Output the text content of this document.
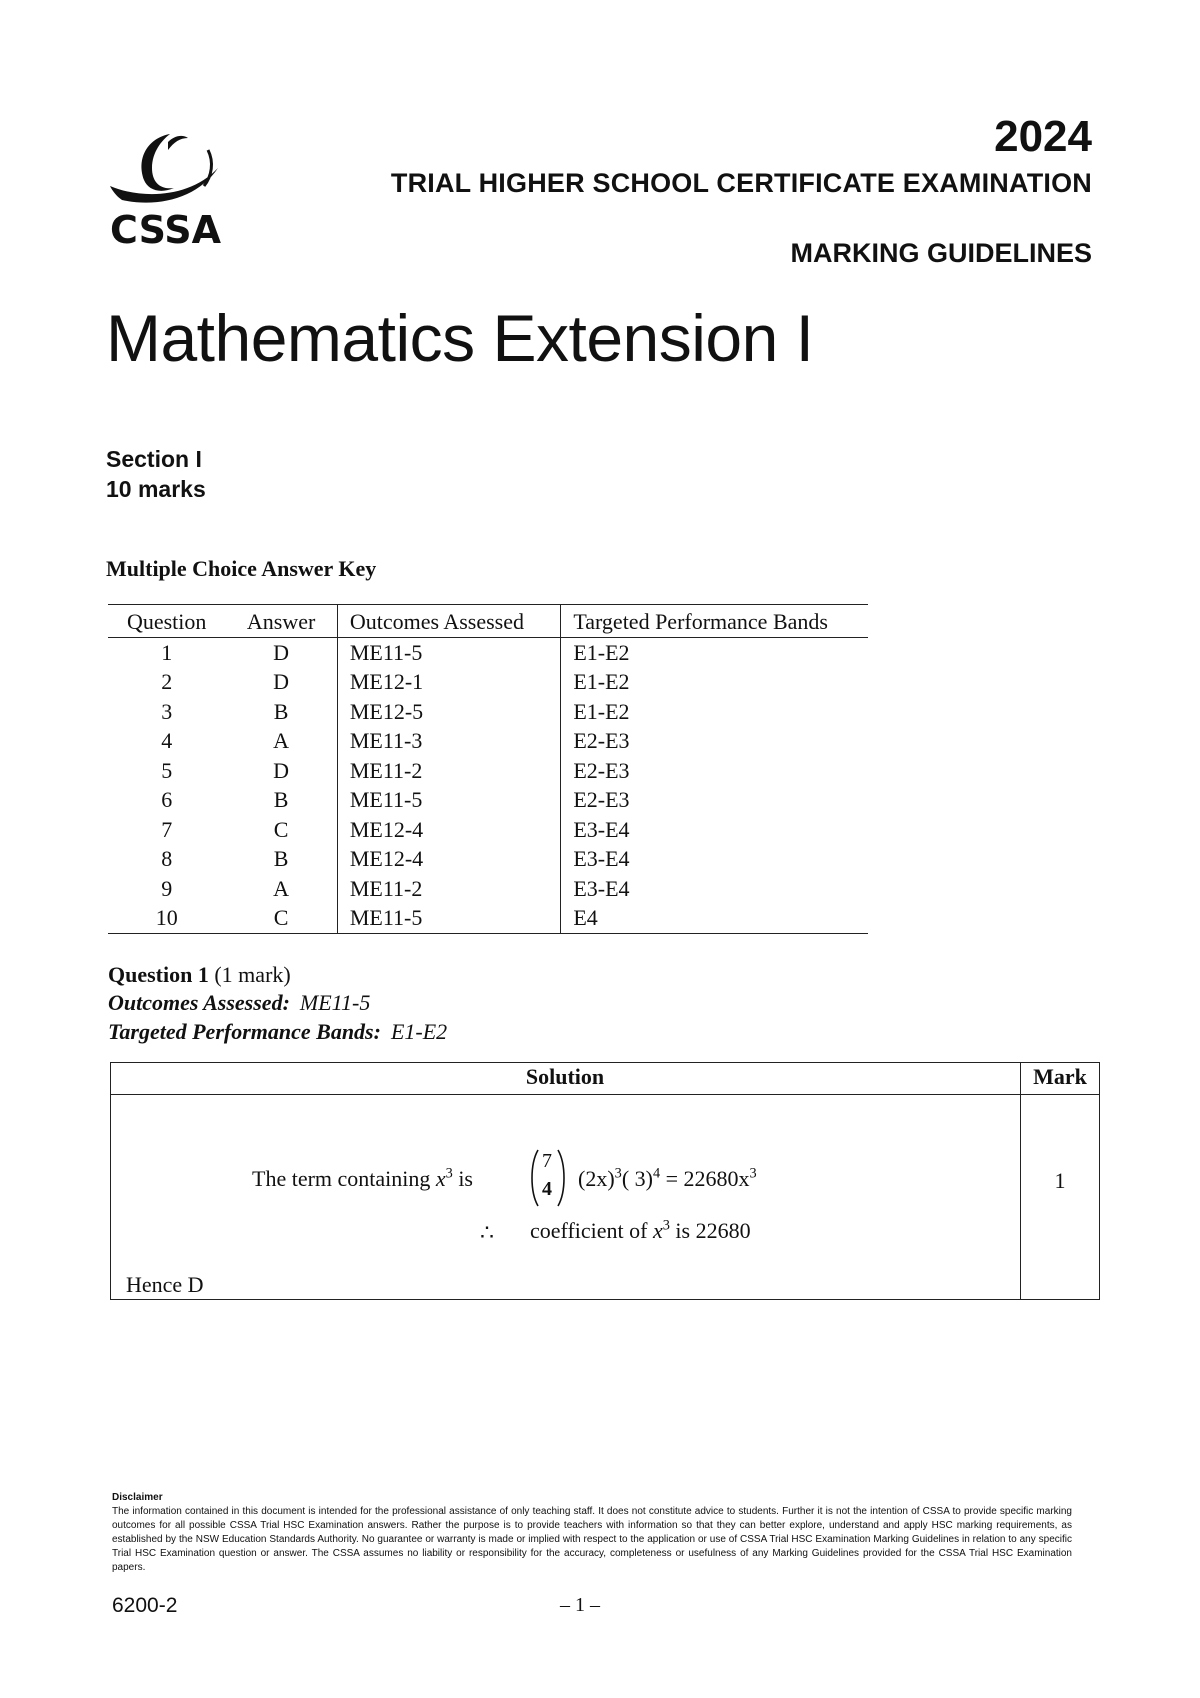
CSSA
2024
TRIAL HIGHER SCHOOL CERTIFICATE EXAMINATION
MARKING GUIDELINES
Mathematics Extension I
Section I
10 marks
Multiple Choice Answer Key
Question	Answer	Outcomes Assessed	Targeted Performance Bands
1	D	ME11-5	E1-E2
2	D	ME12-1	E1-E2
3	B	ME12-5	E1-E2
4	A	ME11-3	E2-E3
5	D	ME11-2	E2-E3
6	B	ME11-5	E2-E3
7	C	ME12-4	E3-E4
8	B	ME12-4	E3-E4
9	A	ME11-2	E3-E4
10	C	ME11-5	E4
Question 1 (1 mark)
Outcomes Assessed: ME11-5
Targeted Performance Bands: E1-E2
Solution	Mark
The term containing $x^3$ is
7
4 $(2x)^3$( $3)^4 = 22680x^3$	1
∴ coefficient of $x^3$ is 22680
Hence D
Disclaimer
The information contained in this document is intended for the professional assistance of only teaching staff. It does not constitute advice to students. Further it is not the intention of CSSA to provide specific marking outcomes for all possible CSSA Trial HSC Examination answers. Rather the purpose is to provide teachers with information so that they can better explore, understand and apply HSC marking requirements, as established by the NSW Education Standards Authority. No guarantee or warranty is made or implied with respect to the application or use of CSSA Trial HSC Examination Marking Guidelines in relation to any specific Trial HSC Examination question or answer. The CSSA assumes no liability or responsibility for the accuracy, completeness or usefulness of any Marking Guidelines provided for the CSSA Trial HSC Examination papers.
6200-2	– 1 –
